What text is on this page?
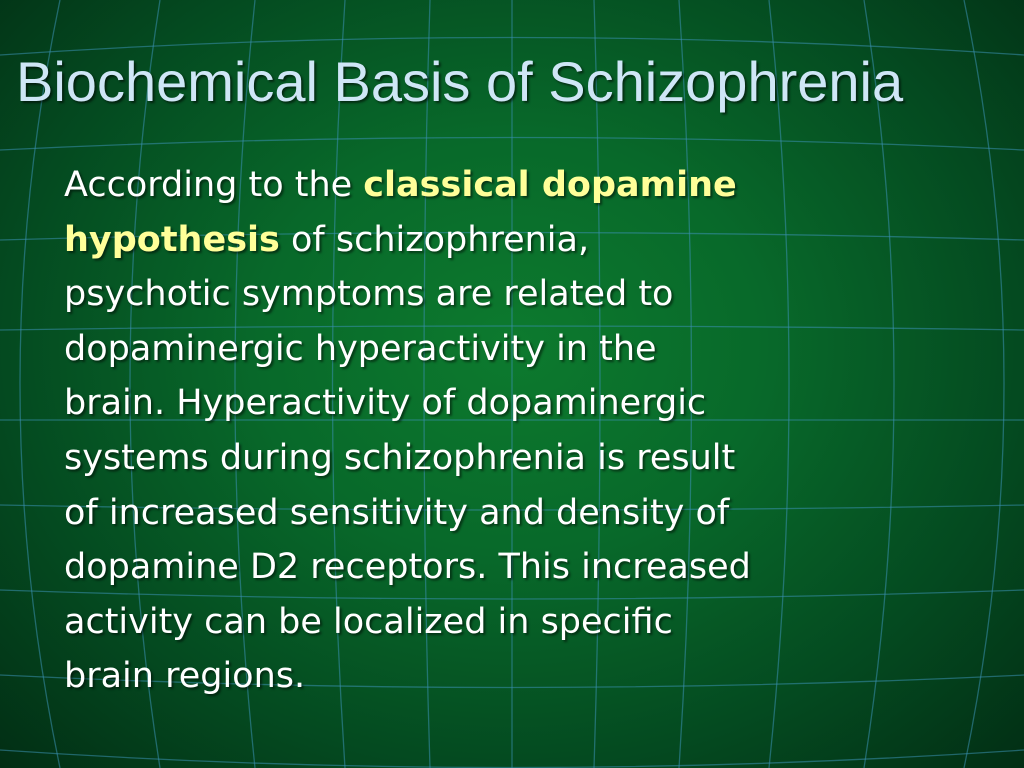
Biochemical Basis of Schizophrenia
According to the classical dopamine
hypothesis of schizophrenia,
psychotic symptoms are related to
dopaminergic hyperactivity in the
brain. Hyperactivity of dopaminergic
systems during schizophrenia is result
of increased sensitivity and density of
dopamine D2 receptors. This increased
activity can be localized in specific
brain regions.
